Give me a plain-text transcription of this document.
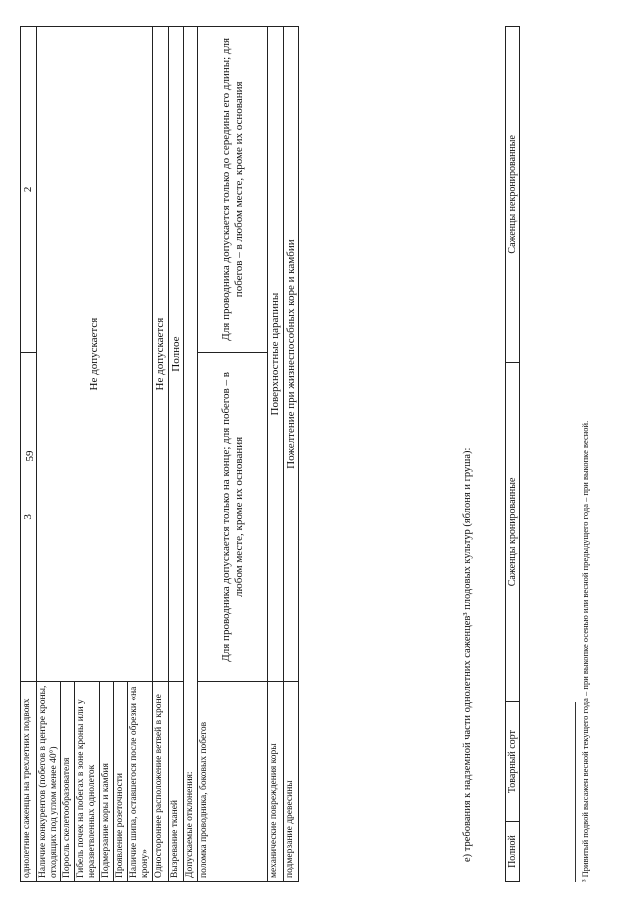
однолетние саженцы на трехлетних подвоях	3	2
Наличие конкурентов (побегов в центре кроны, отходящих под углом менее 40°)	Не допускается	
Поросль скелетообразователя		
Гибель почек на побегах в зоне кроны или у неразветвленных однолеток		
Подмерзание коры и камбия		
Проявление розеточности		
Наличие шипа, оставшегося после обрезки «на крону»		
Одностороннее расположение ветвей в кроне	Не допускается	
Вызревание тканей	Полное	
Допускаемые отклонения:		
поломка проводника, боковых побегов	Для проводника допускается только на конце; для побегов – в любом месте, кроме их основания	Для проводника допускается только до середины его длины; для побегов – в любом месте, кроме их основания
механические повреждения коры	Поверхностные царапины	
подмерзание древесины	Пожелтение при жизнеспособных коре и камбии	
е) требования к надземной части однолетних саженцев³ плодовых культур (яблоня и груша):	Полной	Товарный сорт	Саженцы кронированные	Саженцы некронированные
³ Привитый подвой высажен весной текущего года – при выкопке осенью или весной предыдущего года – при выкопке весной.
59
